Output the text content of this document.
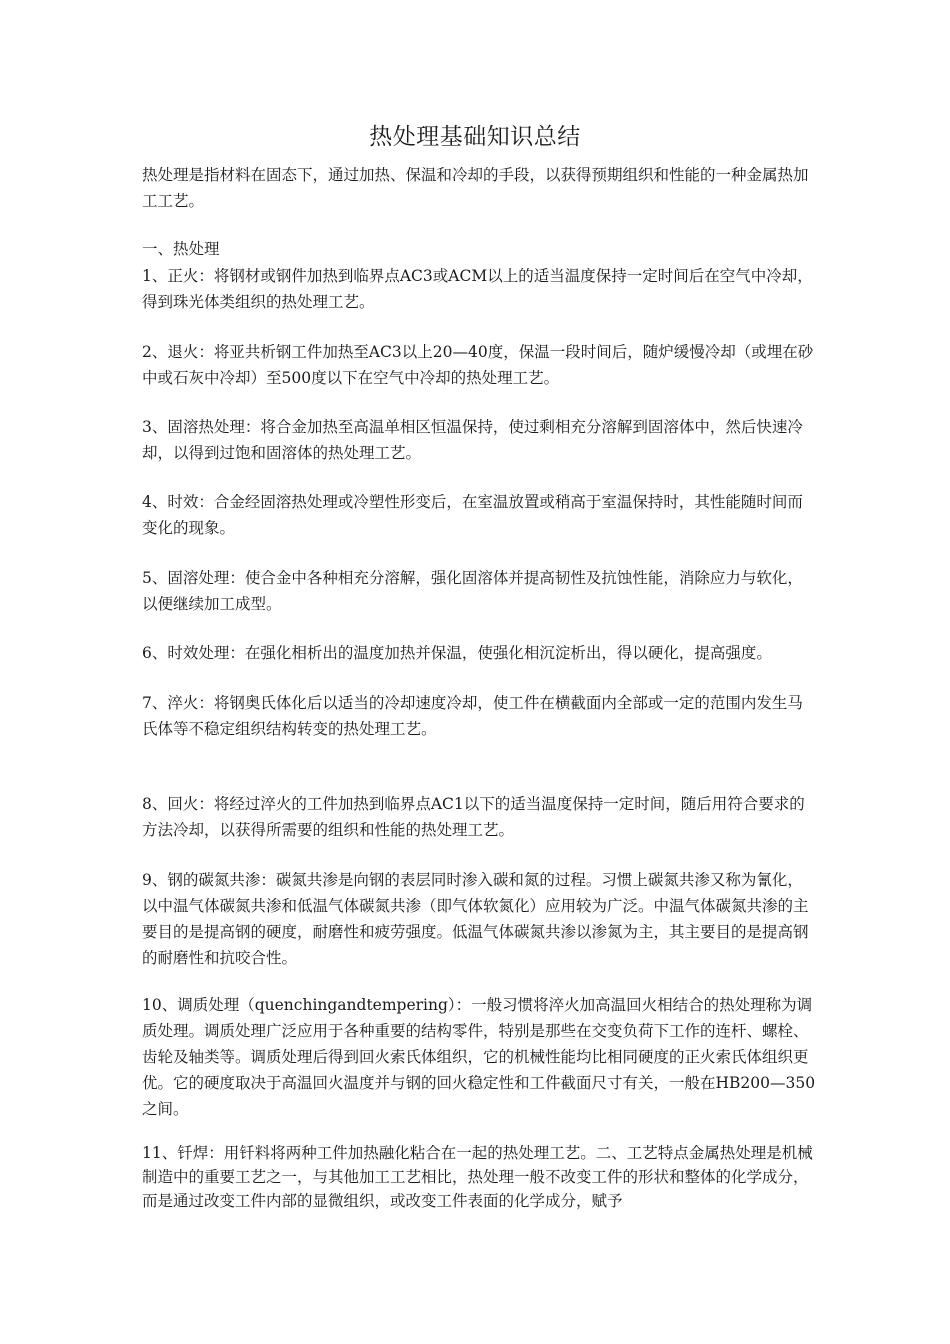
热处理基础知识总结
热处理是指材料在固态下，通过加热、保温和冷却的手段，以获得预期组织和性能的一种金属热加工工艺。
一、热处理
1、正火：将钢材或钢件加热到临界点AC3或ACM以上的适当温度保持一定时间后在空气中冷却，得到珠光体类组织的热处理工艺。
2、退火：将亚共析钢工件加热至AC3以上20—40度，保温一段时间后，随炉缓慢冷却（或埋在砂中或石灰中冷却）至500度以下在空气中冷却的热处理工艺。
3、固溶热处理：将合金加热至高温单相区恒温保持，使过剩相充分溶解到固溶体中，然后快速冷却，以得到过饱和固溶体的热处理工艺。
4、时效：合金经固溶热处理或冷塑性形变后，在室温放置或稍高于室温保持时，其性能随时间而变化的现象。
5、固溶处理：使合金中各种相充分溶解，强化固溶体并提高韧性及抗蚀性能，消除应力与软化，以便继续加工成型。
6、时效处理：在强化相析出的温度加热并保温，使强化相沉淀析出，得以硬化，提高强度。
7、淬火：将钢奥氏体化后以适当的冷却速度冷却，使工件在横截面内全部或一定的范围内发生马氏体等不稳定组织结构转变的热处理工艺。
8、回火：将经过淬火的工件加热到临界点AC1以下的适当温度保持一定时间，随后用符合要求的方法冷却，以获得所需要的组织和性能的热处理工艺。
9、钢的碳氮共渗：碳氮共渗是向钢的表层同时渗入碳和氮的过程。习惯上碳氮共渗又称为氰化，以中温气体碳氮共渗和低温气体碳氮共渗（即气体软氮化）应用较为广泛。中温气体碳氮共渗的主要目的是提高钢的硬度，耐磨性和疲劳强度。低温气体碳氮共渗以渗氮为主，其主要目的是提高钢的耐磨性和抗咬合性。
10、调质处理（quenchingandtempering）：一般习惯将淬火加高温回火相结合的热处理称为调质处理。调质处理广泛应用于各种重要的结构零件，特别是那些在交变负荷下工作的连杆、螺栓、齿轮及轴类等。调质处理后得到回火索氏体组织，它的机械性能均比相同硬度的正火索氏体组织更优。它的硬度取决于高温回火温度并与钢的回火稳定性和工件截面尺寸有关，一般在HB200—350之间。
11、钎焊：用钎料将两种工件加热融化粘合在一起的热处理工艺。二、工艺特点金属热处理是机械制造中的重要工艺之一，与其他加工工艺相比，热处理一般不改变工件的形状和整体的化学成分，而是通过改变工件内部的显微组织，或改变工件表面的化学成分，赋予
